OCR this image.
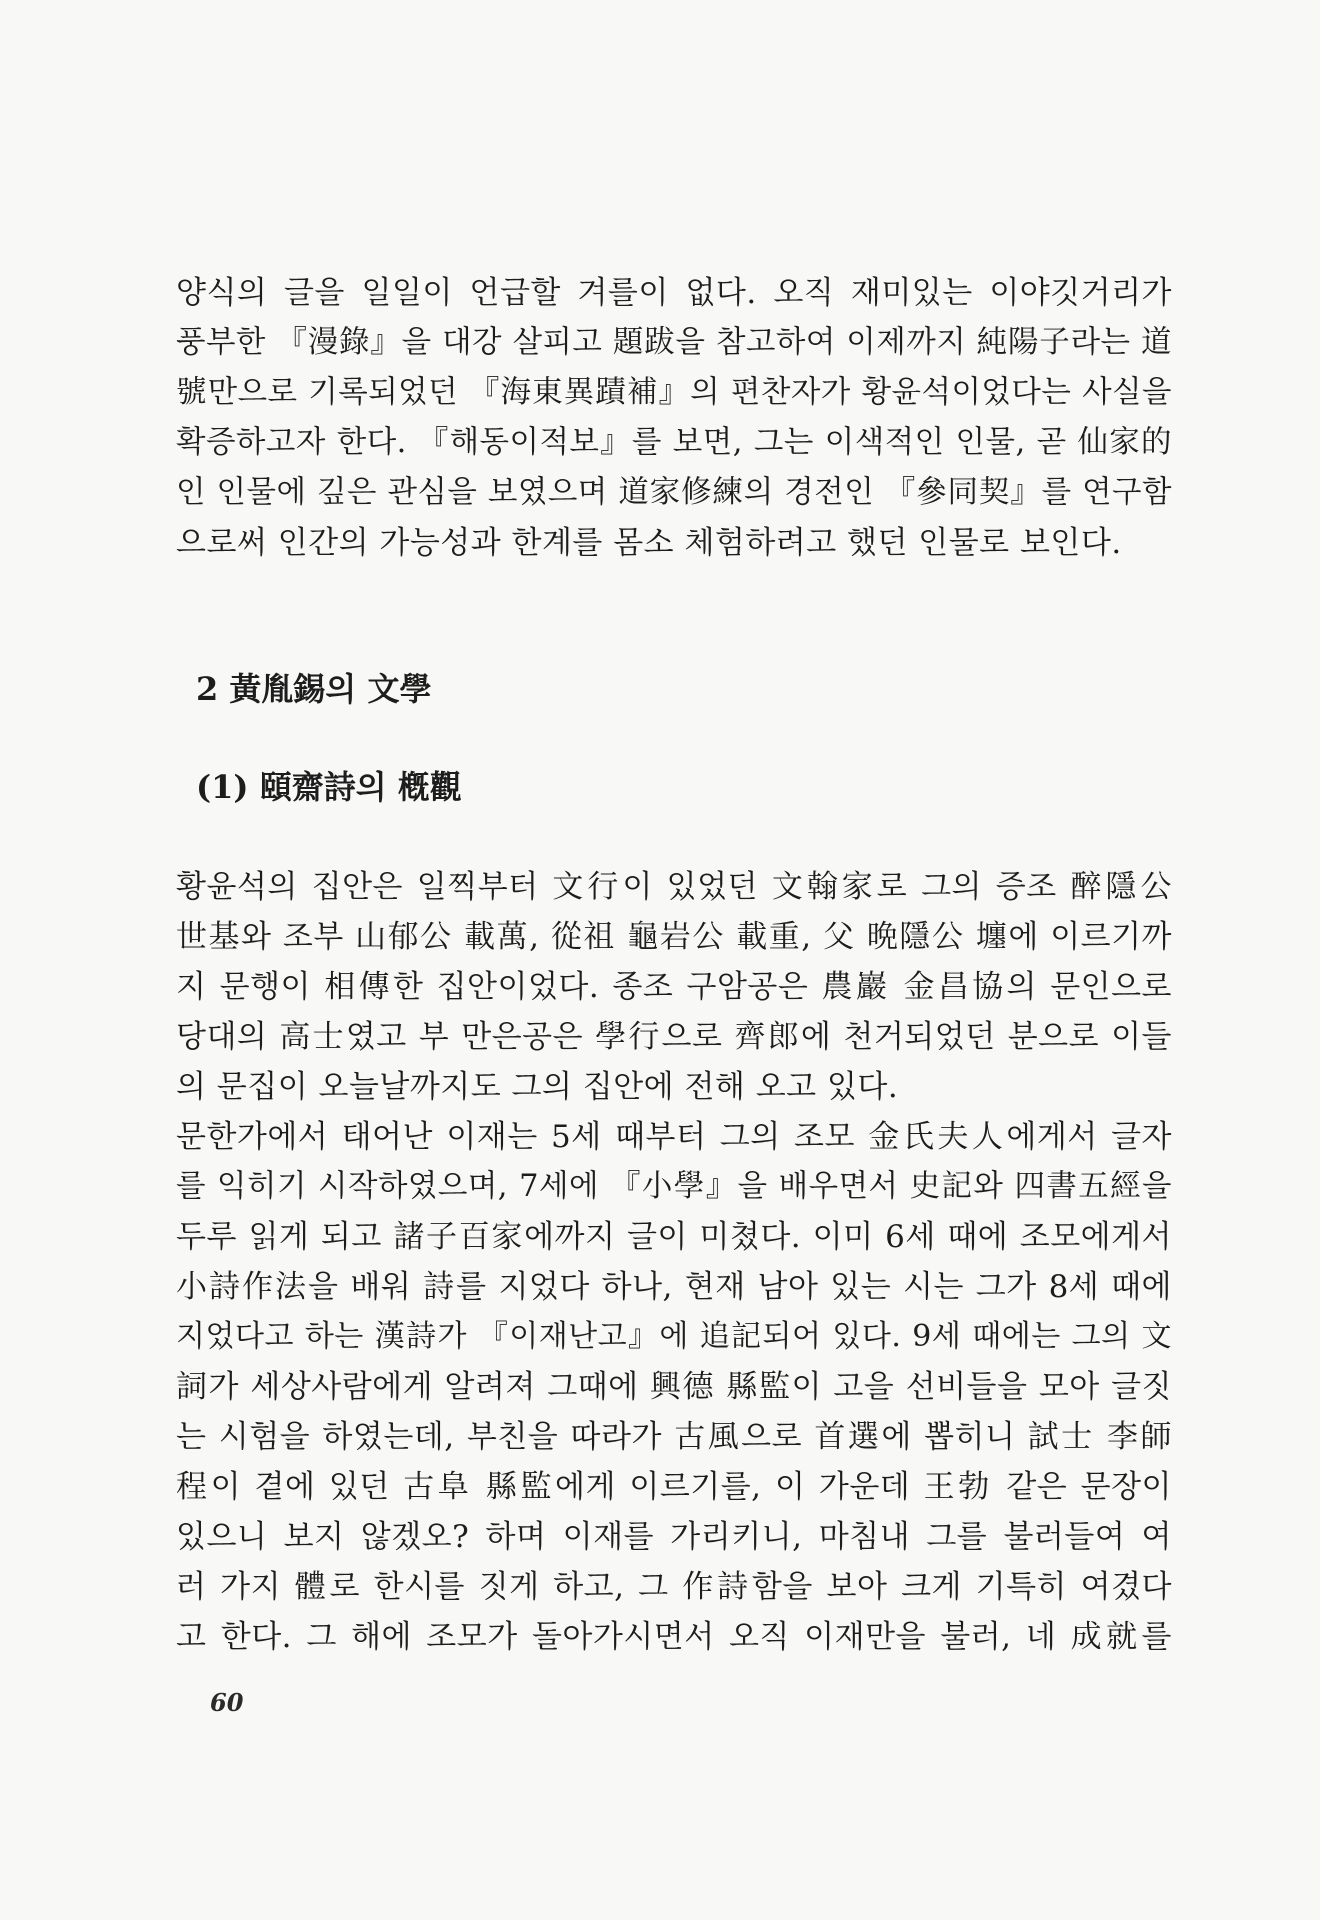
양식의 글을 일일이 언급할 겨를이 없다. 오직 재미있는 이야깃거리가
풍부한 『漫錄』을 대강 살피고 題跋을 참고하여 이제까지 純陽子라는 道
號만으로 기록되었던 『海東異蹟補』의 편찬자가 황윤석이었다는 사실을
확증하고자 한다. 『해동이적보』를 보면, 그는 이색적인 인물, 곧 仙家的
인 인물에 깊은 관심을 보였으며 道家修練의 경전인 『參同契』를 연구함
으로써 인간의 가능성과 한계를 몸소 체험하려고 했던 인물로 보인다.
2 黃胤錫의 文學
(1) 頤齋詩의 槪觀
황윤석의 집안은 일찍부터 文行이 있었던 文翰家로 그의 증조 醉隱公
世基와 조부 山郁公 載萬, 從祖 龜岩公 載重, 父 晩隱公 㙻에 이르기까
지 문행이 相傳한 집안이었다. 종조 구암공은 農巖 金昌協의 문인으로
당대의 高士였고 부 만은공은 學行으로 齊郎에 천거되었던 분으로 이들
의 문집이 오늘날까지도 그의 집안에 전해 오고 있다.
문한가에서 태어난 이재는 5세 때부터 그의 조모 金氏夫人에게서 글자
를 익히기 시작하였으며, 7세에 『小學』을 배우면서 史記와 四書五經을
두루 읽게 되고 諸子百家에까지 글이 미쳤다. 이미 6세 때에 조모에게서
小詩作法을 배워 詩를 지었다 하나, 현재 남아 있는 시는 그가 8세 때에
지었다고 하는 漢詩가 『이재난고』에 追記되어 있다. 9세 때에는 그의 文
詞가 세상사람에게 알려져 그때에 興德 縣監이 고을 선비들을 모아 글짓
는 시험을 하였는데, 부친을 따라가 古風으로 首選에 뽑히니 試士 李師
程이 곁에 있던 古阜 縣監에게 이르기를, 이 가운데 王勃 같은 문장이
있으니 보지 않겠오? 하며 이재를 가리키니, 마침내 그를 불러들여 여
러 가지 體로 한시를 짓게 하고, 그 作詩함을 보아 크게 기특히 여겼다
고 한다. 그 해에 조모가 돌아가시면서 오직 이재만을 불러, 네 成就를
60
